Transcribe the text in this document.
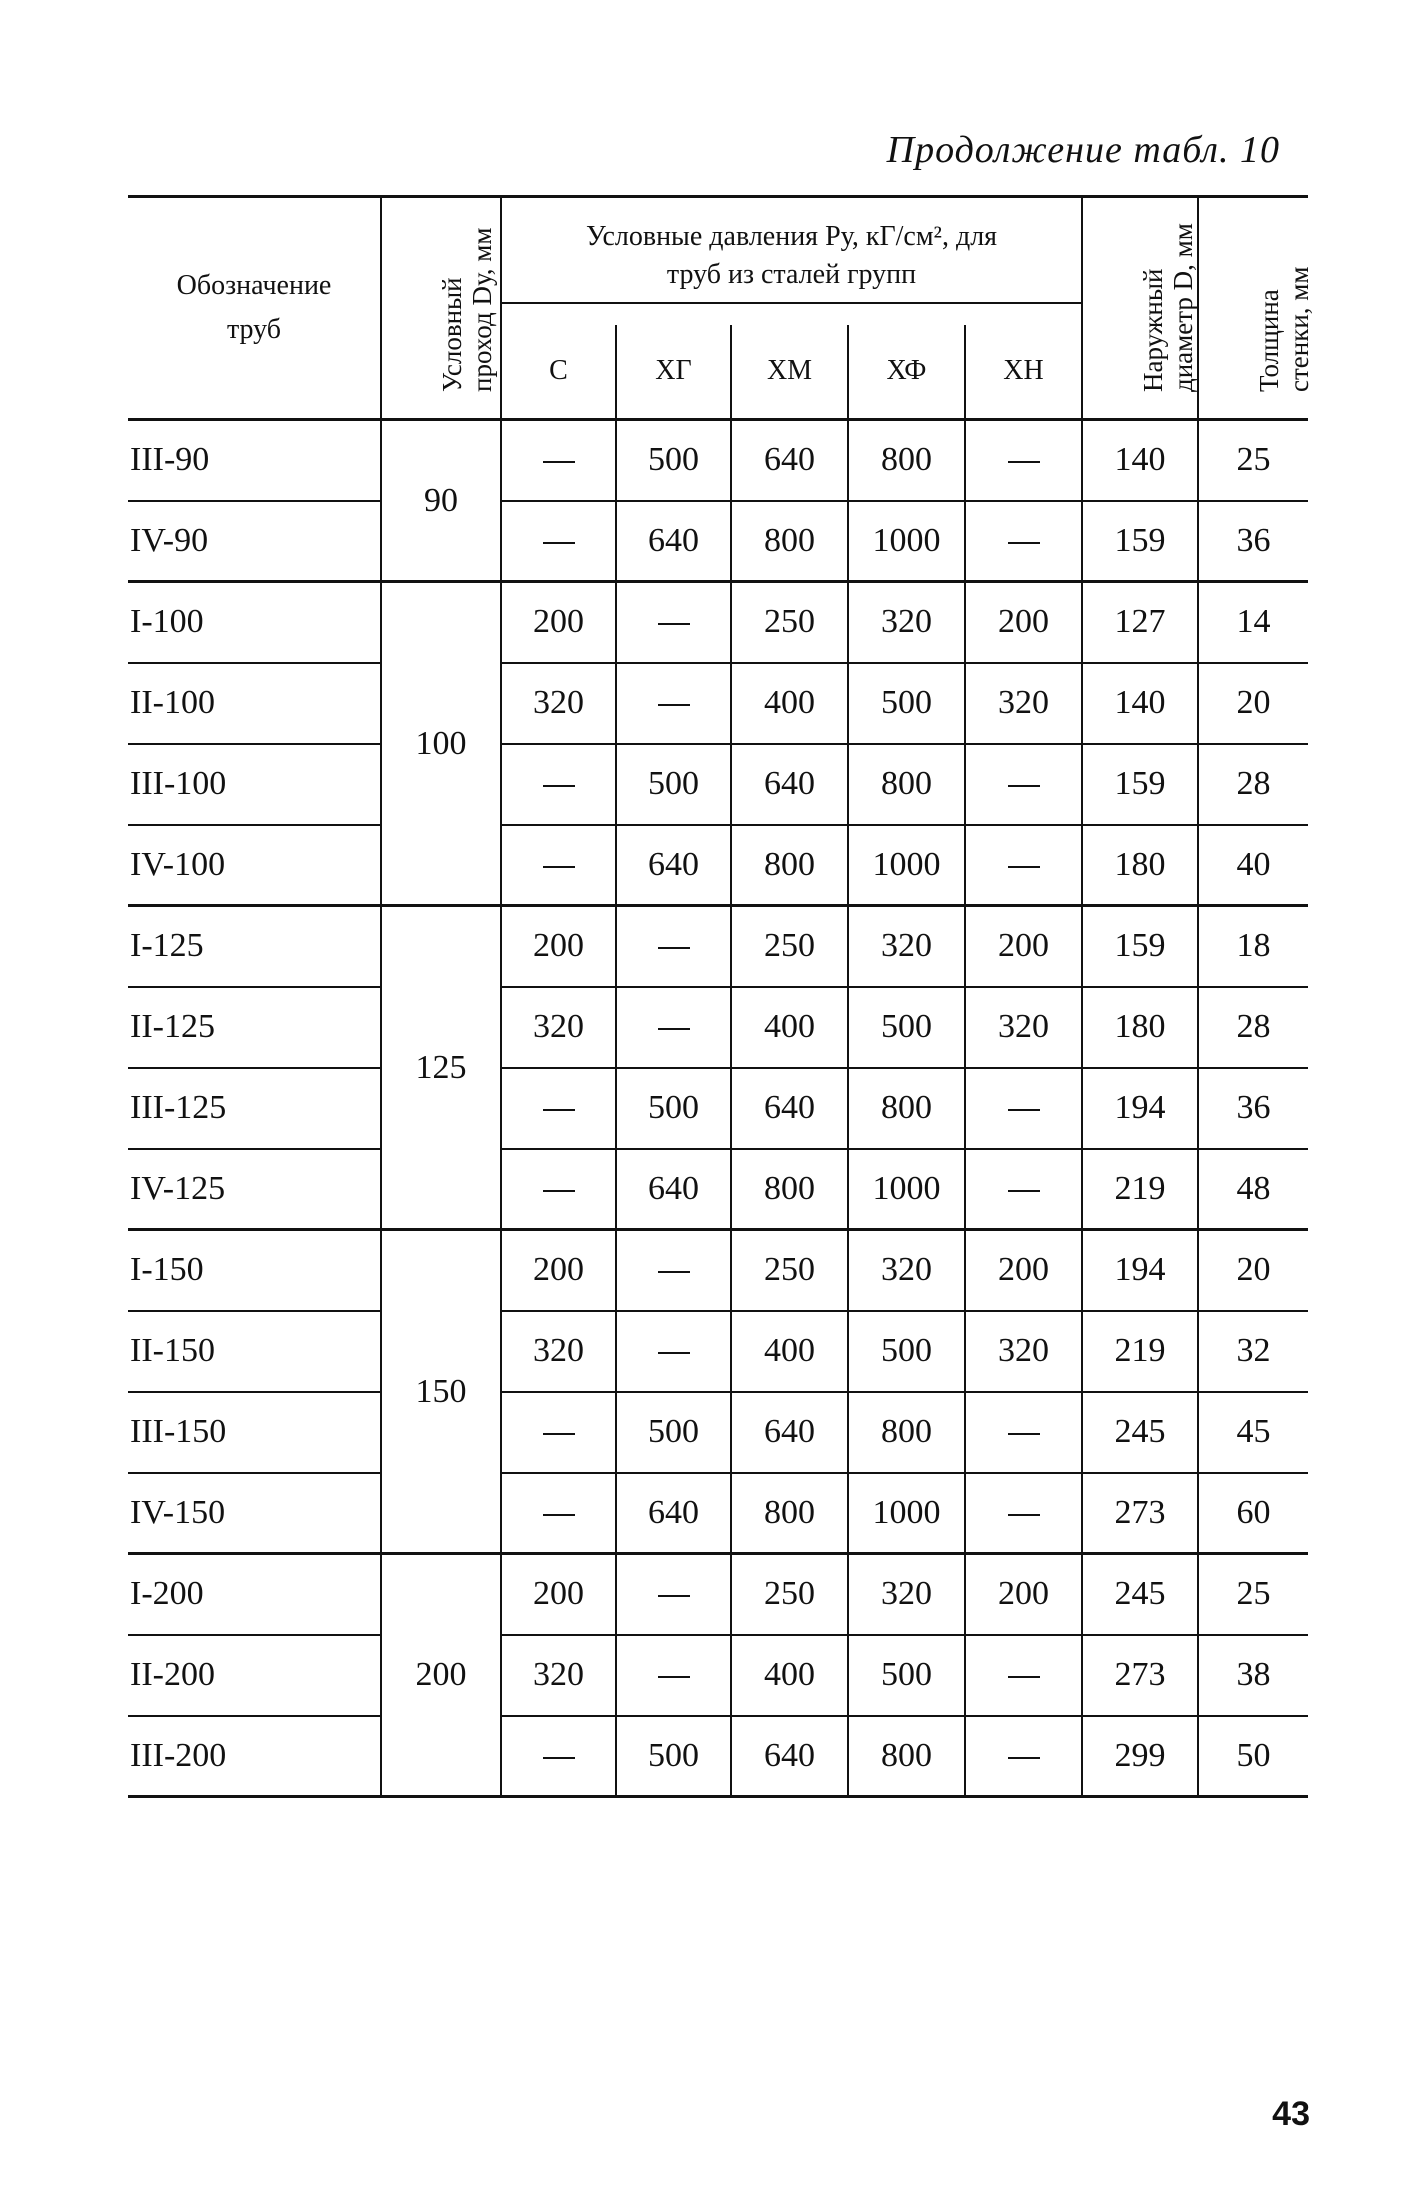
Продолжение табл. 10
Обозначение труб	Условный проход Dу, мм	Условные давления Pу, кГ/см², для труб из сталей групп					Наружный диаметр D, мм	Толщина стенки, мм
		С	ХГ	ХМ	ХФ	ХН		
III-90	90		500	640	800		140	25
IV-90			640	800	1000		159	36
I-100	100	200		250	320	200	127	14
II-100		320		400	500	320	140	20
III-100			500	640	800		159	28
IV-100			640	800	1000		180	40
I-125	125	200		250	320	200	159	18
II-125		320		400	500	320	180	28
III-125			500	640	800		194	36
IV-125			640	800	1000		219	48
I-150	150	200		250	320	200	194	20
II-150		320		400	500	320	219	32
III-150			500	640	800		245	45
IV-150			640	800	1000		273	60
I-200	200	200		250	320	200	245	25
II-200		320		400	500		273	38
III-200			500	640	800		299	50
43
